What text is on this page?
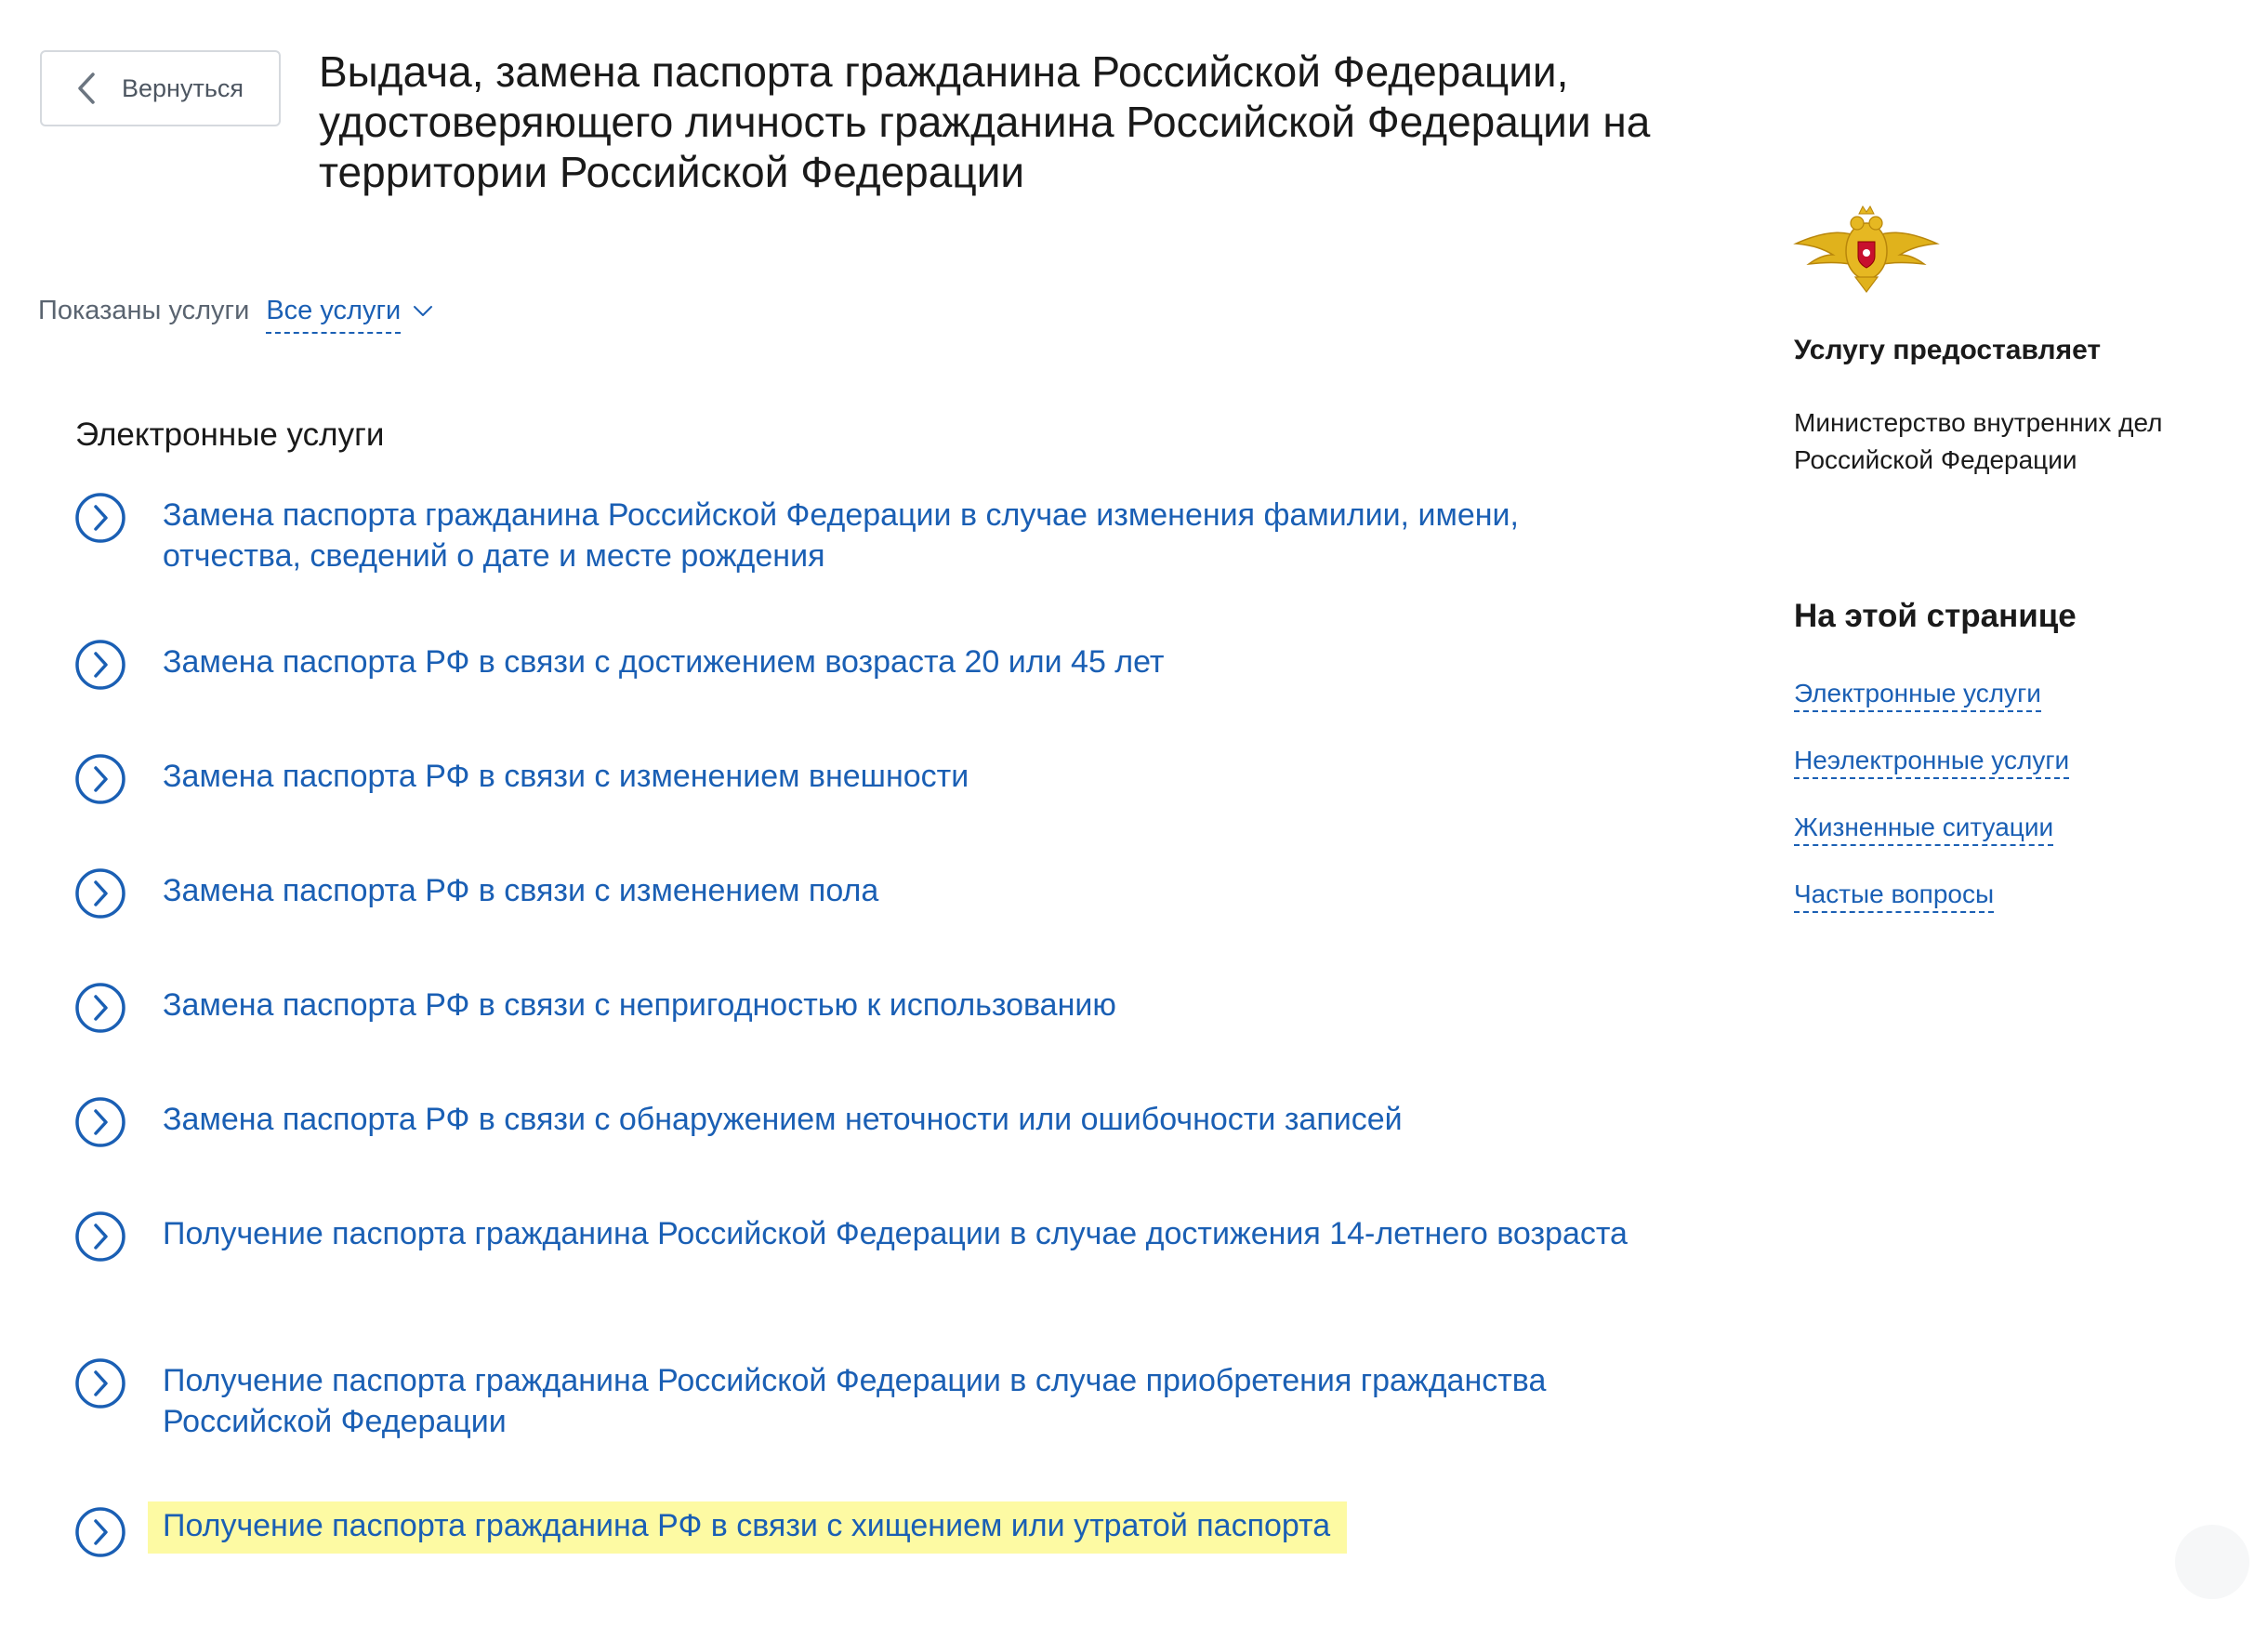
Вернуться Выдача, замена паспорта гражданина Российской Федерации, удостоверяющего личность гражданина Российской Федерации на территории Российской Федерации
Показаны услуги Все услуги
Электронные услуги
Замена паспорта гражданина Российской Федерации в случае изменения фамилии, имени, отчества, сведений о дате и месте рождения
Замена паспорта РФ в связи с достижением возраста 20 или 45 лет
Замена паспорта РФ в связи с изменением внешности
Замена паспорта РФ в связи с изменением пола
Замена паспорта РФ в связи с непригодностью к использованию
Замена паспорта РФ в связи с обнаружением неточности или ошибочности записей
Получение паспорта гражданина Российской Федерации в случае достижения 14-летнего возраста
Получение паспорта гражданина Российской Федерации в случае приобретения гражданства Российской Федерации
Получение паспорта гражданина РФ в связи с хищением или утратой паспорта
Услугу предоставляет

Министерство внутренних дел
Российской Федерации

На этой странице
Электронные услуги
Неэлектронные услуги
Жизненные ситуации
Частые вопросы
